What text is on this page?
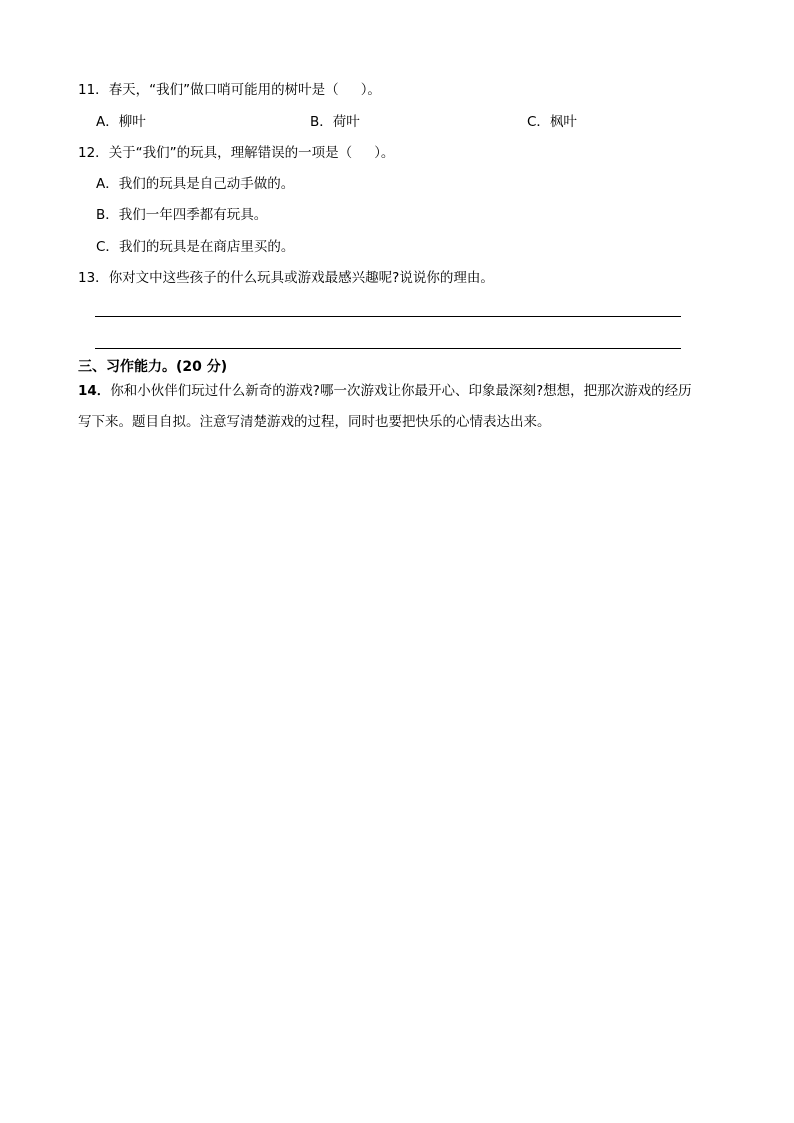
11．春天，“我们”做口哨可能用的树叶是（ ）。
A．柳叶	B．荷叶	C．枫叶
12．关于“我们”的玩具，理解错误的一项是（ ）。
A．我们的玩具是自己动手做的。
B．我们一年四季都有玩具。
C．我们的玩具是在商店里买的。
13．你对文中这些孩子的什么玩具或游戏最感兴趣呢?说说你的理由。
三、习作能力。(20 分)
14．你和小伙伴们玩过什么新奇的游戏?哪一次游戏让你最开心、印象最深刻?想想，把那次游戏的经历
写下来。题目自拟。注意写清楚游戏的过程，同时也要把快乐的心情表达出来。
